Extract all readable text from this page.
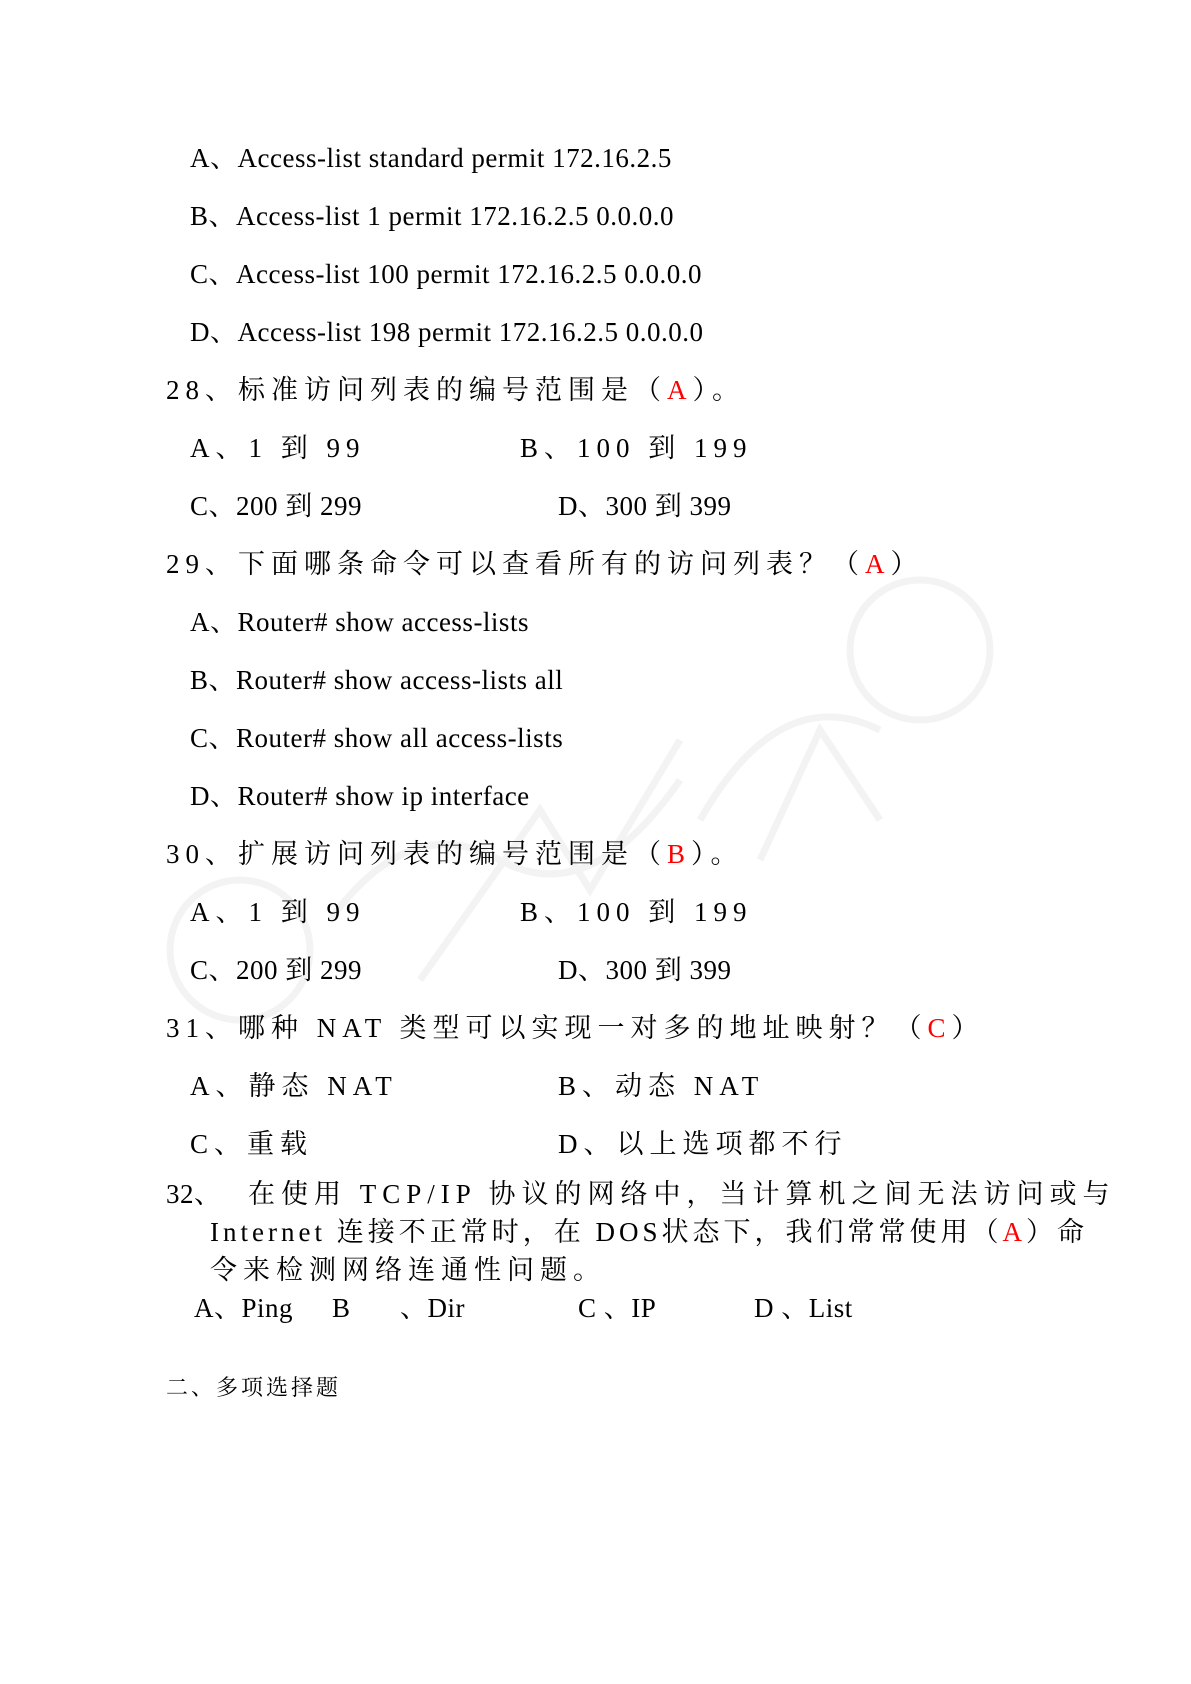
A、Access-list standard permit 172.16.2.5
B、Access-list 1 permit 172.16.2.5 0.0.0.0
C、Access-list 100 permit 172.16.2.5 0.0.0.0
D、Access-list 198 permit 172.16.2.5 0.0.0.0
28、标准访问列表的编号范围是（A）。
A、1 到 99	B、100 到 199
C、200 到 299	D、300 到 399
29、下面哪条命令可以查看所有的访问列表？（A）
A、Router# show access-lists
B、Router# show access-lists all
C、Router# show all access-lists
D、Router# show ip interface
30、扩展访问列表的编号范围是（B）。
A、1 到 99	B、100 到 199
C、200 到 299	D、300 到 399
31、哪种 NAT 类型可以实现一对多的地址映射？（C）
A、静态 NAT	B、动态 NAT
C、重载	D、以上选项都不行
32、 在使用 TCP/IP 协议的网络中，当计算机之间无法访问或与
Internet 连接不正常时，在 DOS状态下，我们常常使用（A）命
令来检测网络连通性问题。
A、Ping B 、Dir	C 、IP	D 、List
二、多项选择题
